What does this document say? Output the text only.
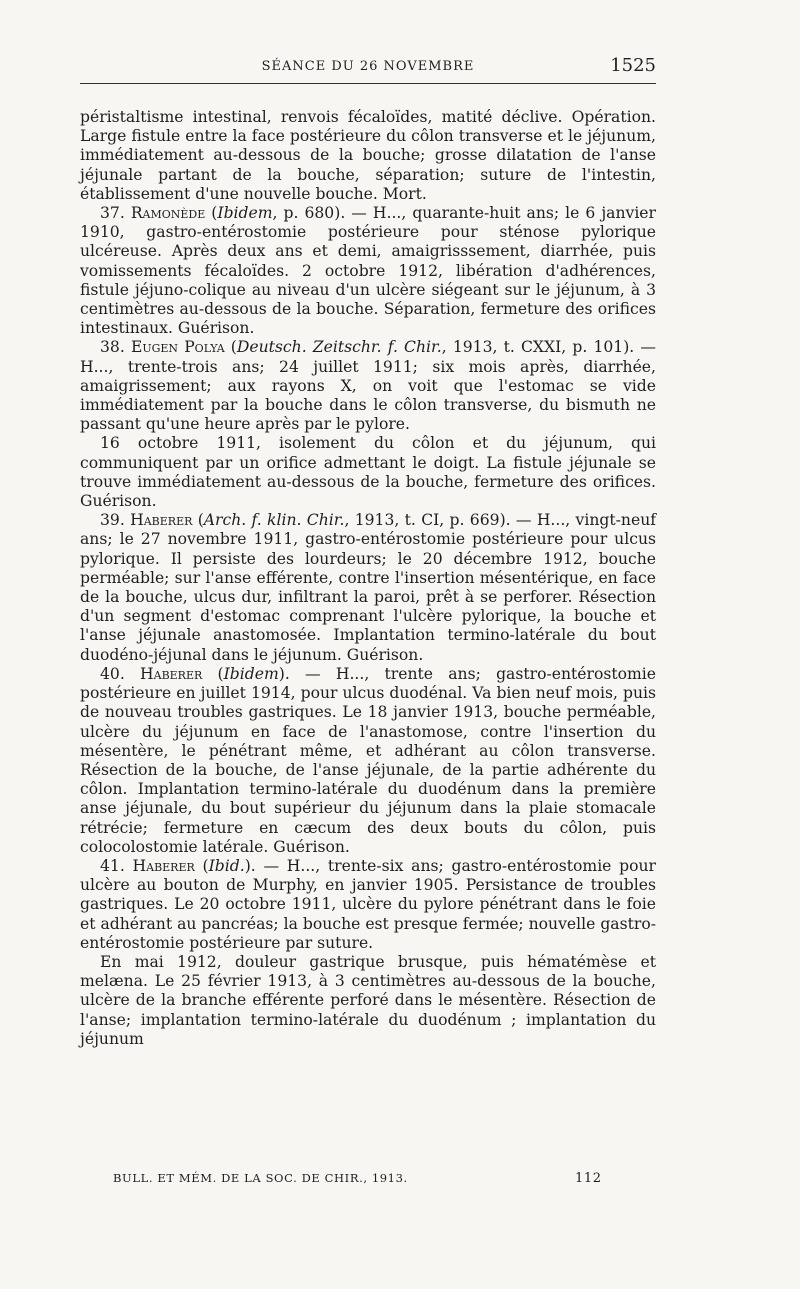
SÉANCE DU 26 NOVEMBRE	1525

péristaltisme intestinal, renvois fécaloïdes, matité déclive. Opération. Large fistule entre la face postérieure du côlon transverse et le jéjunum, immédiatement au-dessous de la bouche; grosse dilatation de l'anse jéjunale partant de la bouche, séparation; suture de l'intestin, établissement d'une nouvelle bouche. Mort.

37. Ramonède (Ibidem, p. 680). — H..., quarante-huit ans; le 6 janvier 1910, gastro-entérostomie postérieure pour sténose pylorique ulcéreuse. Après deux ans et demi, amaigrisssement, diarrhée, puis vomissements fécaloïdes. 2 octobre 1912, libération d'adhérences, fistule jéjuno-colique au niveau d'un ulcère siégeant sur le jéjunum, à 3 centimètres au-dessous de la bouche. Séparation, fermeture des orifices intestinaux. Guérison.

38. Eugen Polya (Deutsch. Zeitschr. f. Chir., 1913, t. CXXI, p. 101). — H..., trente-trois ans; 24 juillet 1911; six mois après, diarrhée, amaigrissement; aux rayons X, on voit que l'estomac se vide immédiatement par la bouche dans le côlon transverse, du bismuth ne passant qu'une heure après par le pylore.

16 octobre 1911, isolement du côlon et du jéjunum, qui communiquent par un orifice admettant le doigt. La fistule jéjunale se trouve immédiatement au-dessous de la bouche, fermeture des orifices. Guérison.

39. Haberer (Arch. f. klin. Chir., 1913, t. CI, p. 669). — H..., vingt-neuf ans; le 27 novembre 1911, gastro-entérostomie postérieure pour ulcus pylorique. Il persiste des lourdeurs; le 20 décembre 1912, bouche perméable; sur l'anse efférente, contre l'insertion mésentérique, en face de la bouche, ulcus dur, infiltrant la paroi, prêt à se perforer. Résection d'un segment d'estomac comprenant l'ulcère pylorique, la bouche et l'anse jéjunale anastomosée. Implantation termino-latérale du bout duodéno-jéjunal dans le jéjunum. Guérison.

40. Haberer (Ibidem). — H..., trente ans; gastro-entérostomie postérieure en juillet 1914, pour ulcus duodénal. Va bien neuf mois, puis de nouveau troubles gastriques. Le 18 janvier 1913, bouche perméable, ulcère du jéjunum en face de l'anastomose, contre l'insertion du mésentère, le pénétrant même, et adhérant au côlon transverse. Résection de la bouche, de l'anse jéjunale, de la partie adhérente du côlon. Implantation termino-latérale du duodénum dans la première anse jéjunale, du bout supérieur du jéjunum dans la plaie stomacale rétrécie; fermeture en cæcum des deux bouts du côlon, puis colocolostomie latérale. Guérison.

41. Haberer (Ibid.). — H..., trente-six ans; gastro-entérostomie pour ulcère au bouton de Murphy, en janvier 1905. Persistance de troubles gastriques. Le 20 octobre 1911, ulcère du pylore pénétrant dans le foie et adhérant au pancréas; la bouche est presque fermée; nouvelle gastro-entérostomie postérieure par suture.

En mai 1912, douleur gastrique brusque, puis hématémèse et melæna. Le 25 février 1913, à 3 centimètres au-dessous de la bouche, ulcère de la branche efférente perforé dans le mésentère. Résection de l'anse; implantation termino-latérale du duodénum ; implantation du jéjunum

BULL. ET MÉM. DE LA SOC. DE CHIR., 1913.	112
